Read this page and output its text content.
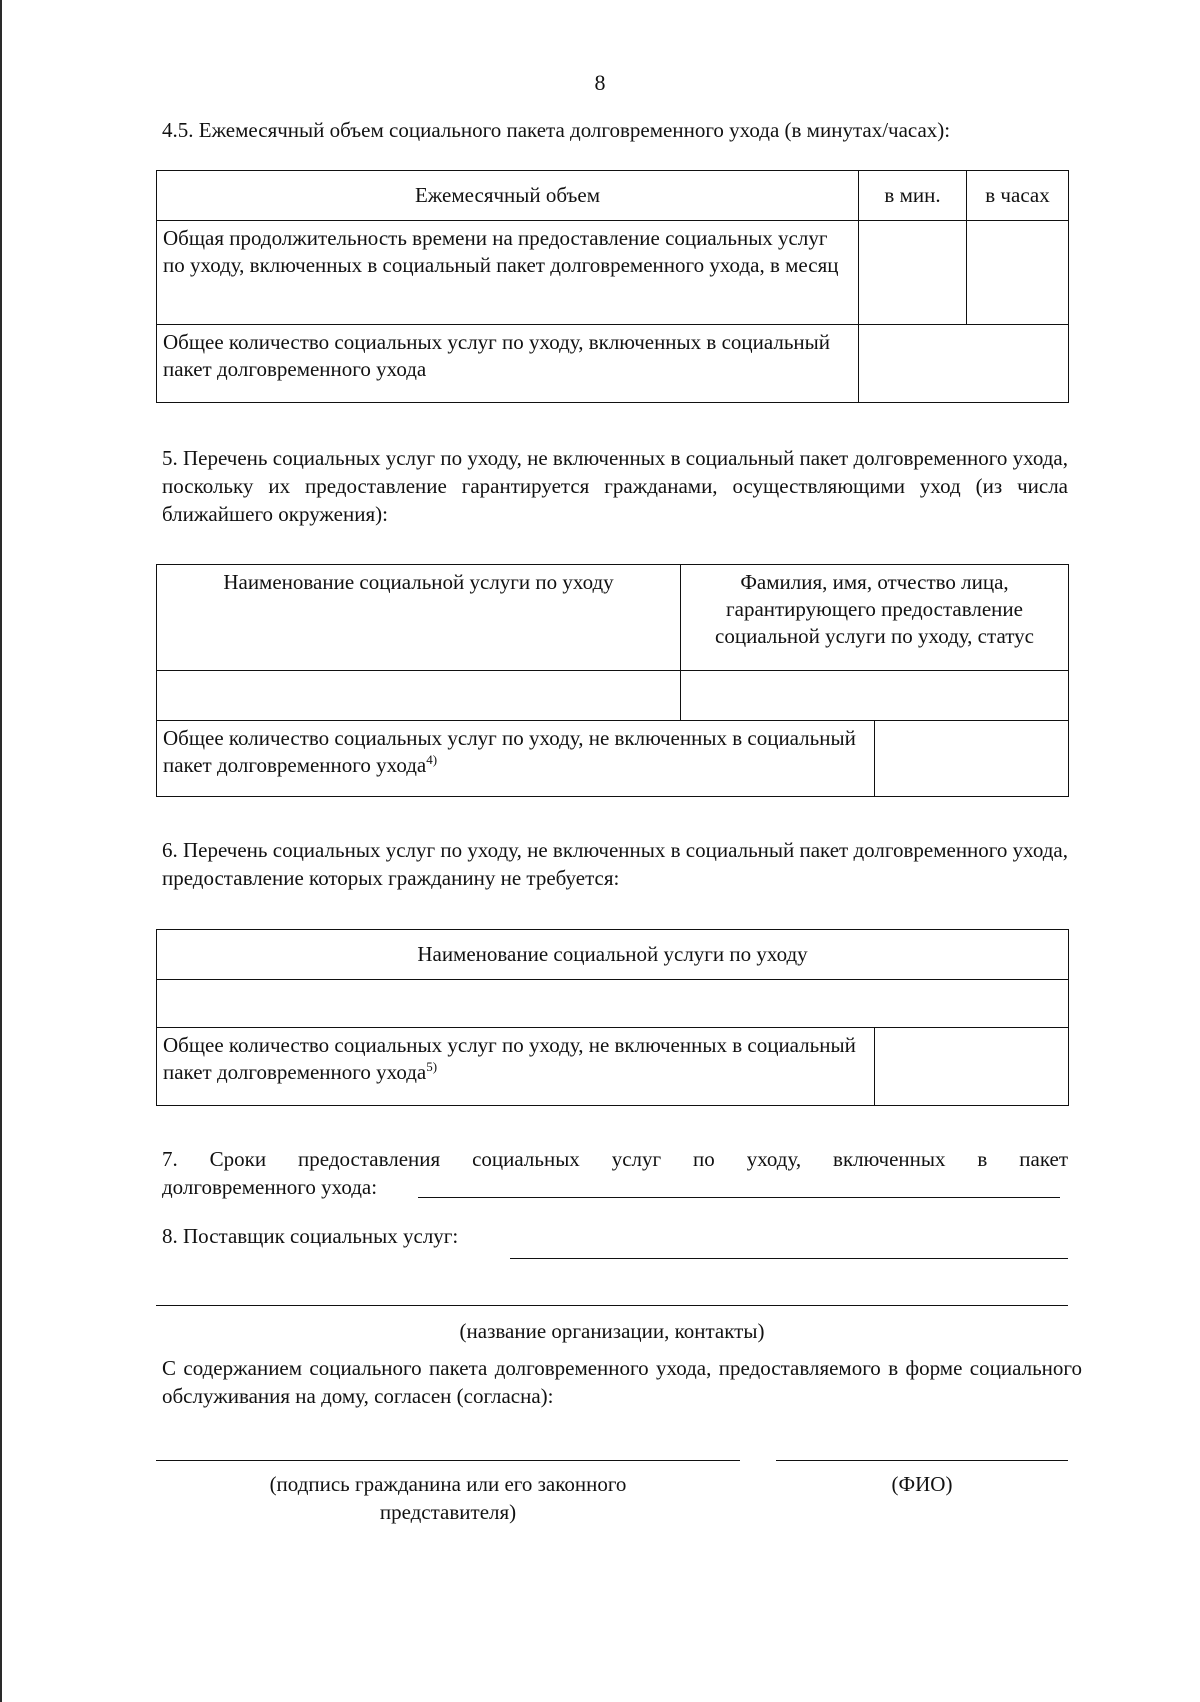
8
4.5. Ежемесячный объем социального пакета долговременного ухода (в минутах/часах):
Ежемесячный объем	в мин.	в часах
Общая продолжительность времени на предоставление социальных услуг по уходу, включенных в социальный пакет долговременного ухода, в месяц		
Общее количество социальных услуг по уходу, включенных в социальный пакет долговременного ухода		
5. Перечень социальных услуг по уходу, не включенных в социальный пакет долговременного ухода, поскольку их предоставление гарантируется гражданами, осуществляющими уход (из числа ближайшего окружения):
Наименование социальной услуги по уходу	Фамилия, имя, отчество лица, гарантирующего предоставление социальной услуги по уходу, статус	

Общее количество социальных услуг по уходу, не включенных в социальный пакет долговременного ухода$^{4)}$	
6. Перечень социальных услуг по уходу, не включенных в социальный пакет долговременного ухода, предоставление которых гражданину не требуется:
Наименование социальной услуги по уходу

Общее количество социальных услуг по уходу, не включенных в социальный пакет долговременного ухода$^{5)}$	
7. Сроки предоставления социальных услуг по уходу, включенных в пакет
долговременного ухода:
8. Поставщик социальных услуг:
(название организации, контакты)
С содержанием социального пакета долговременного ухода, предоставляемого в форме социального обслуживания на дому, согласен (согласна):
(подпись гражданина или его законного представителя)
(ФИО)
